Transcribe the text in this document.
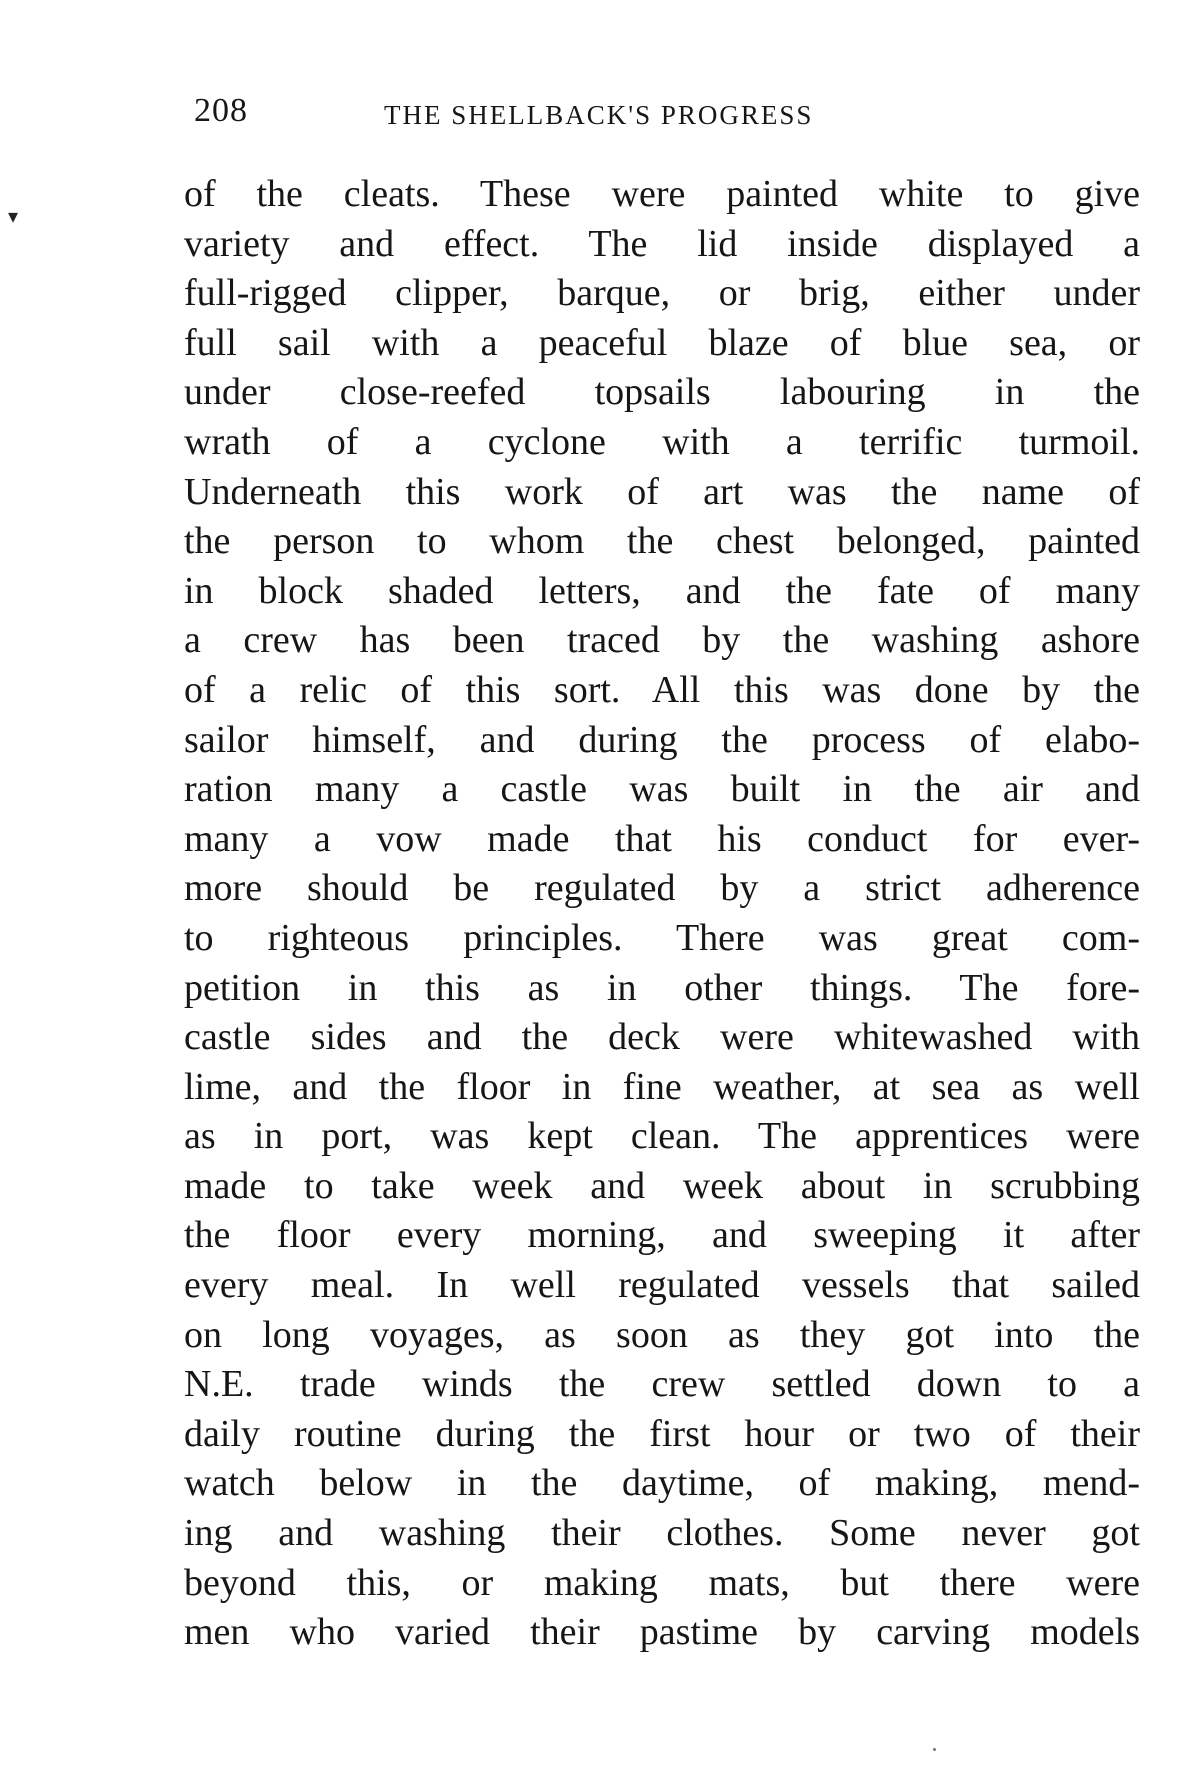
▾
208	THE SHELLBACK'S PROGRESS
of the cleats. These were painted white to give
variety and effect. The lid inside displayed a
full-rigged clipper, barque, or brig, either under
full sail with a peaceful blaze of blue sea, or
under close-reefed topsails labouring in the
wrath of a cyclone with a terrific turmoil.
Underneath this work of art was the name of
the person to whom the chest belonged, painted
in block shaded letters, and the fate of many
a crew has been traced by the washing ashore
of a relic of this sort. All this was done by the
sailor himself, and during the process of elabo-
ration many a castle was built in the air and
many a vow made that his conduct for ever-
more should be regulated by a strict adherence
to righteous principles. There was great com-
petition in this as in other things. The fore-
castle sides and the deck were whitewashed with
lime, and the floor in fine weather, at sea as well
as in port, was kept clean. The apprentices were
made to take week and week about in scrubbing
the floor every morning, and sweeping it after
every meal. In well regulated vessels that sailed
on long voyages, as soon as they got into the
N.E. trade winds the crew settled down to a
daily routine during the first hour or two of their
watch below in the daytime, of making, mend-
ing and washing their clothes. Some never got
beyond this, or making mats, but there were
men who varied their pastime by carving models
